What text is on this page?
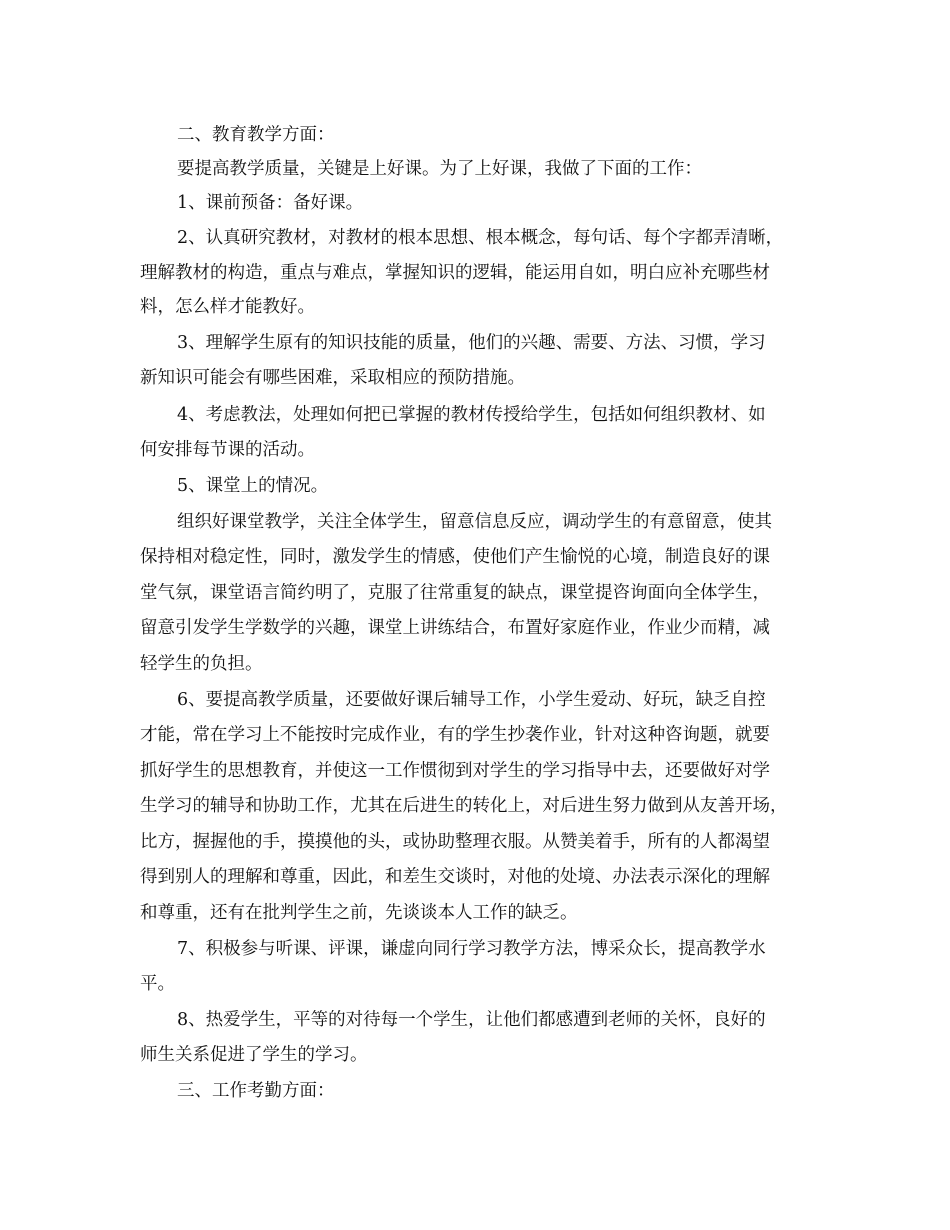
二、教育教学方面：

要提高教学质量，关键是上好课。为了上好课，我做了下面的工作：

1、课前预备：备好课。

2、认真研究教材，对教材的根本思想、根本概念，每句话、每个字都弄清晰，

理解教材的构造，重点与难点，掌握知识的逻辑，能运用自如，明白应补充哪些材

料，怎么样才能教好。

3、理解学生原有的知识技能的质量，他们的兴趣、需要、方法、习惯，学习

新知识可能会有哪些困难，采取相应的预防措施。

4、考虑教法，处理如何把已掌握的教材传授给学生，包括如何组织教材、如

何安排每节课的活动。

5、课堂上的情况。

组织好课堂教学，关注全体学生，留意信息反应，调动学生的有意留意，使其

保持相对稳定性，同时，激发学生的情感，使他们产生愉悦的心境，制造良好的课

堂气氛，课堂语言简约明了，克服了往常重复的缺点，课堂提咨询面向全体学生，

留意引发学生学数学的兴趣，课堂上讲练结合，布置好家庭作业，作业少而精，减

轻学生的负担。

6、要提高教学质量，还要做好课后辅导工作，小学生爱动、好玩，缺乏自控

才能，常在学习上不能按时完成作业，有的学生抄袭作业，针对这种咨询题，就要

抓好学生的思想教育，并使这一工作惯彻到对学生的学习指导中去，还要做好对学

生学习的辅导和协助工作，尤其在后进生的转化上，对后进生努力做到从友善开场，

比方，握握他的手，摸摸他的头，或协助整理衣服。从赞美着手，所有的人都渴望

得到别人的理解和尊重，因此，和差生交谈时，对他的处境、办法表示深化的理解

和尊重，还有在批判学生之前，先谈谈本人工作的缺乏。

7、积极参与听课、评课，谦虚向同行学习教学方法，博采众长，提高教学水

平。

8、热爱学生，平等的对待每一个学生，让他们都感遭到老师的关怀，良好的

师生关系促进了学生的学习。

三、工作考勤方面：
